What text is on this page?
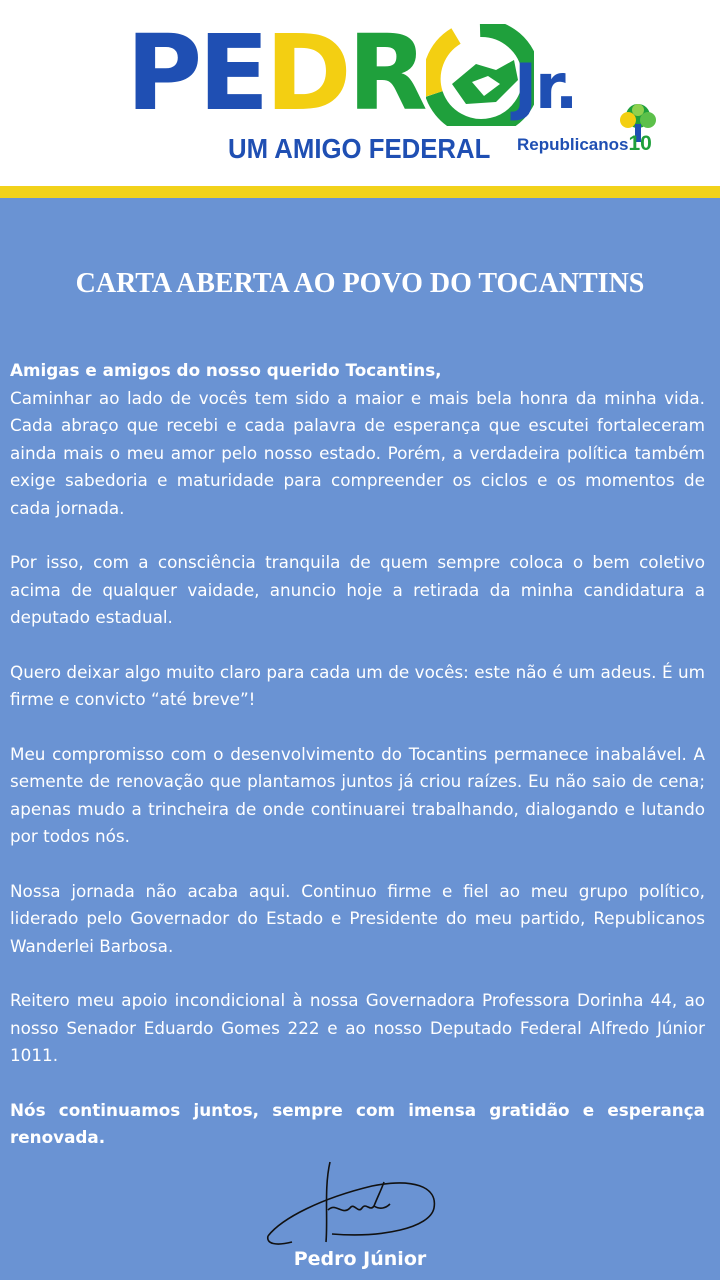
PEDR Jr.
UM AMIGO FEDERAL Republicanos10
CARTA ABERTA AO POVO DO TOCANTINS

Amigas e amigos do nosso querido Tocantins,
Caminhar ao lado de vocês tem sido a maior e mais bela honra da minha vida. Cada abraço que recebi e cada palavra de esperança que escutei fortaleceram ainda mais o meu amor pelo nosso estado. Porém, a verdadeira política também exige sabedoria e maturidade para compreender os ciclos e os momentos de cada jornada.

Por isso, com a consciência tranquila de quem sempre coloca o bem coletivo acima de qualquer vaidade, anuncio hoje a retirada da minha candidatura a deputado estadual.

Quero deixar algo muito claro para cada um de vocês: este não é um adeus. É um firme e convicto “até breve”!

Meu compromisso com o desenvolvimento do Tocantins permanece inabalável. A semente de renovação que plantamos juntos já criou raízes. Eu não saio de cena; apenas mudo a trincheira de onde continuarei trabalhando, dialogando e lutando por todos nós.

Nossa jornada não acaba aqui. Continuo firme e fiel ao meu grupo político, liderado pelo Governador do Estado e Presidente do meu partido, Republicanos Wanderlei Barbosa.

Reitero meu apoio incondicional à nossa Governadora Professora Dorinha 44, ao nosso Senador Eduardo Gomes 222 e ao nosso Deputado Federal Alfredo Júnior 1011.

Nós continuamos juntos, sempre com imensa gratidão e esperança renovada.

Pedro Júnior
